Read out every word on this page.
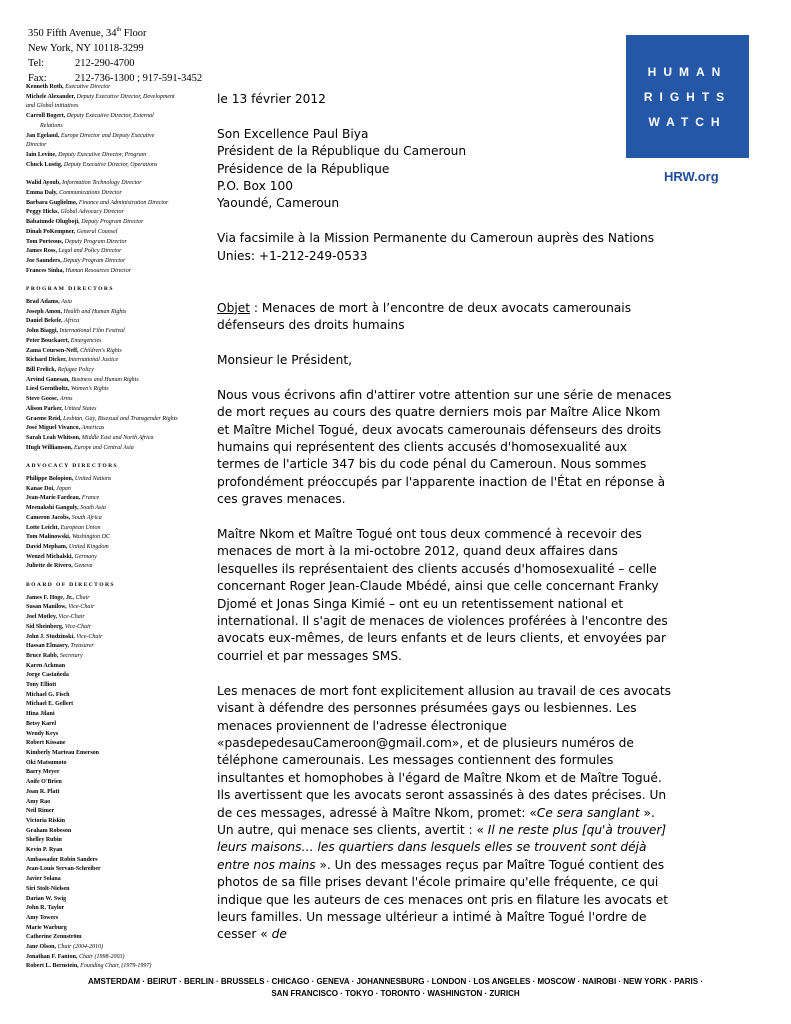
350 Fifth Avenue, 34th Floor
New York, NY 10118-3299
Tel:	212-290-4700
Fax:	212-736-1300 ; 917-591-3452
Kenneth Roth, Executive Director
Michele Alexander, Deputy Executive Director, Development
and Global initiatives
Carroll Bogert, Deputy Executive Director, External
Relations
Jan Egeland, Europe Director and Deputy Executive
Director
Iain Levine, Deputy Executive Director, Program
Chuck Lustig, Deputy Executive Director, Operations
Walid Ayoub, Information Technology Director
Emma Daly, Communications Director
Barbara Guglielmo, Finance and Administration Director
Peggy Hicks, Global Advocacy Director
Babatunde Olugboji, Deputy Program Director
Dinah PoKempner, General Counsel
Tom Porteous, Deputy Program Director
James Ross, Legal and Policy Director
Joe Saunders, Deputy Program Director
Frances Sinha, Human Resources Director
PROGRAM DIRECTORS
Brad Adams, Asia
Joseph Amon, Health and Human Rights
Daniel Bekele, Africa
John Biaggi, International Film Festival
Peter Bouckaert, Emergencies
Zama Coursen-Neff, Children's Rights
Richard Dicker, International Justice
Bill Frelick, Refugee Policy
Arvind Ganesan, Business and Human Rights
Liesl Gerntholtz, Women's Rights
Steve Goose, Arms
Alison Parker, United States
Graeme Reid, Lesbian, Gay, Bisexual and Transgender Rights
José Miguel Vivanco, Americas
Sarah Leah Whitson, Middle East and North Africa
Hugh Williamson, Europe and Central Asia
ADVOCACY DIRECTORS
Philippe Bolopion, United Nations
Kanae Doi, Japan
Jean-Marie Fardeau, France
Meenakshi Ganguly, South Asia
Cameron Jacobs, South Africa
Lotte Leicht, European Union
Tom Malinowski, Washington DC
David Mepham, United Kingdom
Wenzel Michalski, Germany
Juliette de Rivero, Geneva
BOARD OF DIRECTORS
James F. Hoge, Jr., Chair
Susan Manilow, Vice-Chair
Joel Motley, Vice-Chair
Sid Sheinberg, Vice-Chair
John J. Studzinski, Vice-Chair
Hassan Elmasry, Treasurer
Bruce Rabb, Secretary
Karen Ackman
Jorge Castañeda
Tony Elliott
Michael G. Fisch
Michael E. Gellert
Hina Jilani
Betsy Karel
Wendy Keys
Robert Kissane
Kimberly Marteau Emerson
Oki Matsumoto
Barry Meyer
Aoife O'Brien
Joan R. Platt
Amy Rao
Neil Rimer
Victoria Riskin
Graham Robeson
Shelley Rubin
Kevin P. Ryan
Ambassador Robin Sanders
Jean-Louis Servan-Schreiber
Javier Solana
Siri Stolt-Nielsen
Darian W. Swig
John R. Taylor
Amy Towers
Marie Warburg
Catherine Zennström
Jane Olson, Chair (2004-2010)
Jonathan F. Fanton, Chair (1998-2003)
Robert L. Bernstein, Founding Chair, (1979-1997)
HUMAN
RIGHTS
WATCH
HRW.org

le 13 février 2012

Son Excellence Paul Biya
Président de la République du Cameroun
Présidence de la République
P.O. Box 100
Yaoundé, Cameroun

Via facsimile à la Mission Permanente du Cameroun auprès des Nations Unies: +1-212-249-0533

Objet : Menaces de mort à l’encontre de deux avocats camerounais défenseurs des droits humains

Monsieur le Président,

Nous vous écrivons afin d'attirer votre attention sur une série de menaces de mort reçues au cours des quatre derniers mois par Maître Alice Nkom et Maître Michel Togué, deux avocats camerounais défenseurs des droits humains qui représentent des clients accusés d'homosexualité aux termes de l'article 347 bis du code pénal du Cameroun. Nous sommes profondément préoccupés par l'apparente inaction de l'État en réponse à ces graves menaces.

Maître Nkom et Maître Togué ont tous deux commencé à recevoir des menaces de mort à la mi-octobre 2012, quand deux affaires dans lesquelles ils représentaient des clients accusés d'homosexualité – celle concernant Roger Jean-Claude Mbédé, ainsi que celle concernant Franky Djomé et Jonas Singa Kimié – ont eu un retentissement national et international. Il s'agit de menaces de violences proférées à l'encontre des avocats eux-mêmes, de leurs enfants et de leurs clients, et envoyées par courriel et par messages SMS.

Les menaces de mort font explicitement allusion au travail de ces avocats visant à défendre des personnes présumées gays ou lesbiennes. Les menaces proviennent de l'adresse électronique «pasdepedesauCameroon@gmail.com», et de plusieurs numéros de téléphone camerounais. Les messages contiennent des formules insultantes et homophobes à l'égard de Maître Nkom et de Maître Togué. Ils avertissent que les avocats seront assassinés à des dates précises. Un de ces messages, adressé à Maître Nkom, promet: «Ce sera sanglant ». Un autre, qui menace ses clients, avertit : « Il ne reste plus [qu'à trouver] leurs maisons… les quartiers dans lesquels elles se trouvent sont déjà entre nos mains ». Un des messages reçus par Maître Togué contient des photos de sa fille prises devant l'école primaire qu'elle fréquente, ce qui indique que les auteurs de ces menaces ont pris en filature les avocats et leurs familles. Un message ultérieur a intimé à Maître Togué l'ordre de cesser « de

AMSTERDAM · BEIRUT · BERLIN · BRUSSELS · CHICAGO · GENEVA · JOHANNESBURG · LONDON · LOS ANGELES · MOSCOW · NAIROBI · NEW YORK · PARIS ·
SAN FRANCISCO · TOKYO · TORONTO · WASHINGTON · ZURICH
